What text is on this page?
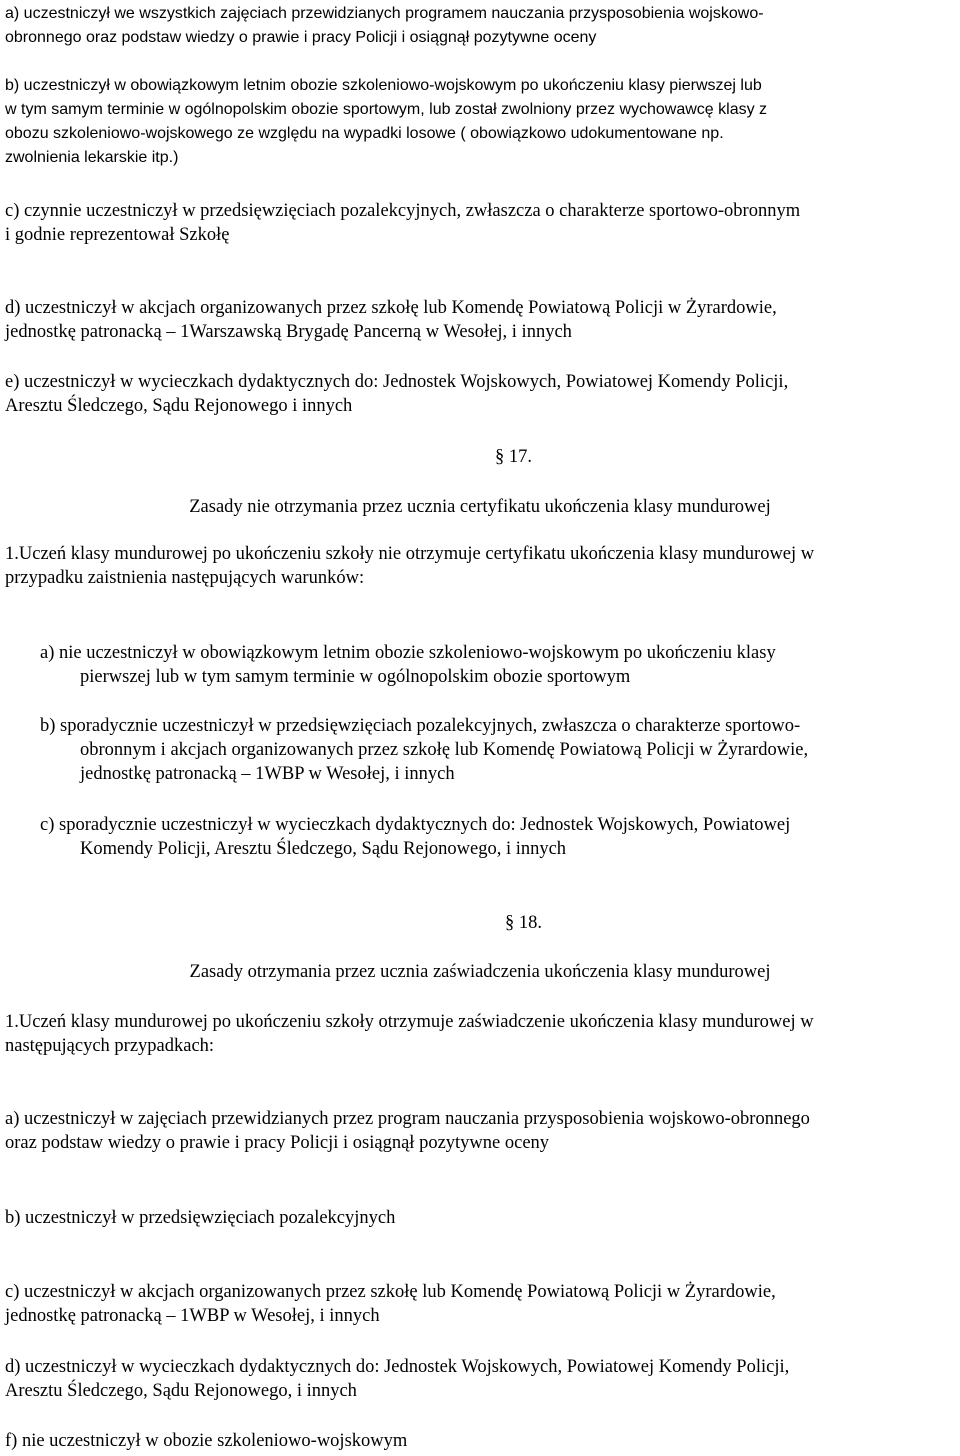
a) uczestniczył we wszystkich zajęciach przewidzianych programem nauczania przysposobienia wojskowo-

obronnego oraz podstaw wiedzy o prawie i pracy Policji i osiągnął pozytywne oceny

b) uczestniczył w obowiązkowym letnim obozie szkoleniowo-wojskowym po ukończeniu klasy pierwszej lub

w tym samym terminie w ogólnopolskim obozie sportowym, lub został zwolniony przez wychowawcę klasy z

obozu szkoleniowo-wojskowego ze względu na wypadki losowe ( obowiązkowo udokumentowane np.

zwolnienia lekarskie itp.)

c) czynnie uczestniczył w przedsięwzięciach pozalekcyjnych, zwłaszcza o charakterze sportowo-obronnym

i godnie reprezentował Szkołę

d) uczestniczył w akcjach organizowanych przez szkołę lub Komendę Powiatową Policji w Żyrardowie,

jednostkę patronacką – 1Warszawską Brygadę Pancerną w Wesołej, i innych

e) uczestniczył w wycieczkach dydaktycznych do: Jednostek Wojskowych, Powiatowej Komendy Policji,

Aresztu Śledczego, Sądu Rejonowego i innych

§ 17.

Zasady nie otrzymania przez ucznia certyfikatu ukończenia klasy mundurowej

1.Uczeń klasy mundurowej po ukończeniu szkoły nie otrzymuje certyfikatu ukończenia klasy mundurowej w

przypadku zaistnienia następujących warunków:

a) nie uczestniczył w obowiązkowym letnim obozie szkoleniowo-wojskowym po ukończeniu klasy

pierwszej lub w tym samym terminie w ogólnopolskim obozie sportowym

b) sporadycznie uczestniczył w przedsięwzięciach pozalekcyjnych, zwłaszcza o charakterze sportowo-

obronnym i akcjach organizowanych przez szkołę lub Komendę Powiatową Policji w Żyrardowie,

jednostkę patronacką – 1WBP w Wesołej, i innych

c) sporadycznie uczestniczył w wycieczkach dydaktycznych do: Jednostek Wojskowych, Powiatowej

Komendy Policji, Aresztu Śledczego, Sądu Rejonowego, i innych

§ 18.

Zasady otrzymania przez ucznia zaświadczenia ukończenia klasy mundurowej

1.Uczeń klasy mundurowej po ukończeniu szkoły otrzymuje zaświadczenie ukończenia klasy mundurowej w

następujących przypadkach:

a) uczestniczył w zajęciach przewidzianych przez program nauczania przysposobienia wojskowo-obronnego

oraz podstaw wiedzy o prawie i pracy Policji i osiągnął pozytywne oceny

b) uczestniczył w przedsięwzięciach pozalekcyjnych

c) uczestniczył w akcjach organizowanych przez szkołę lub Komendę Powiatową Policji w Żyrardowie,

jednostkę patronacką – 1WBP w Wesołej, i innych

d) uczestniczył w wycieczkach dydaktycznych do: Jednostek Wojskowych, Powiatowej Komendy Policji,

Aresztu Śledczego, Sądu Rejonowego, i innych

f) nie uczestniczył w obozie szkoleniowo-wojskowym
